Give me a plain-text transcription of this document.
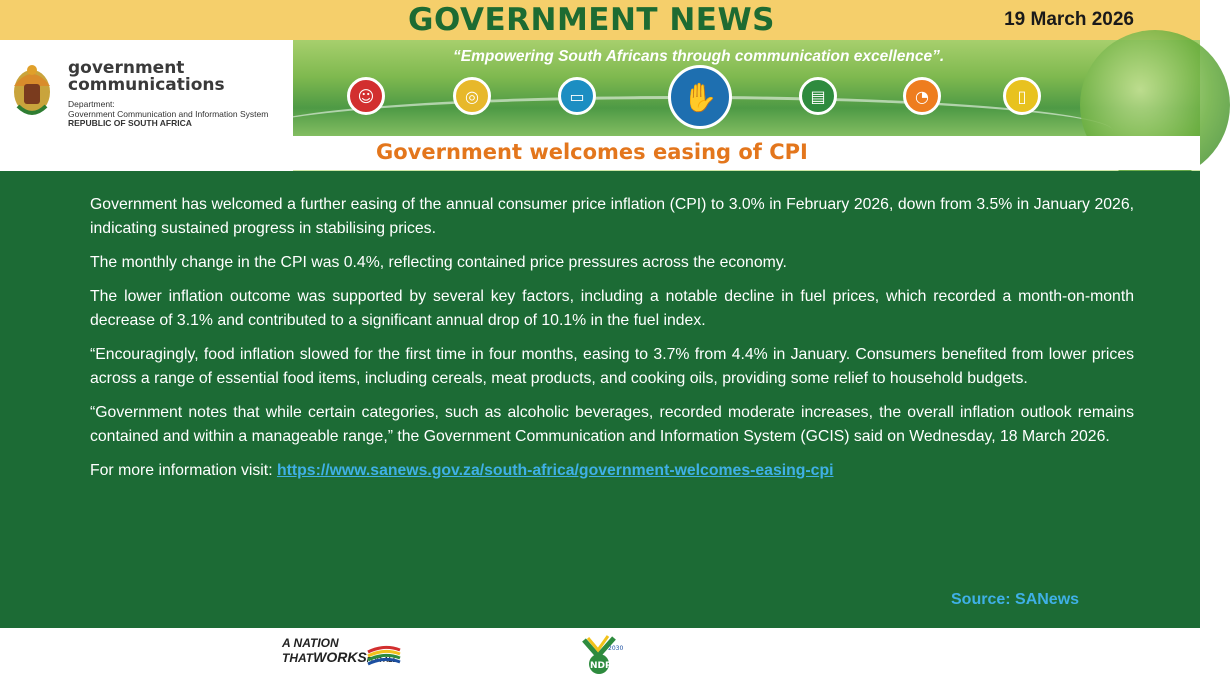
GOVERNMENT NEWS	19 March 2026
government
communications
Department:
Government Communication and Information System
REPUBLIC OF SOUTH AFRICA
“Empowering South Africans through communication excellence”.
☺	◎	▭	✋	▤	◔	▯
Government welcomes easing of CPI

Government has welcomed a further easing of the annual consumer price inflation (CPI) to 3.0% in February 2026, down from 3.5% in January 2026, indicating sustained progress in stabilising prices.

The monthly change in the CPI was 0.4%, reflecting contained price pressures across the economy.

The lower inflation outcome was supported by several key factors, including a notable decline in fuel prices, which recorded a month-on-month decrease of 3.1% and contributed to a significant annual drop of 10.1% in the fuel index.

“Encouragingly, food inflation slowed for the first time in four months, easing to 3.7% from 4.4% in January. Consumers benefited from lower prices across a range of essential food items, including cereals, meat products, and cooking oils, providing some relief to household budgets.

“Government notes that while certain categories, such as alcoholic beverages, recorded moderate increases, the overall inflation outlook remains contained and within a manageable range,” the Government Communication and Information System (GCIS) said on Wednesday, 18 March 2026.

For more information visit: https://www.sanews.gov.za/south-africa/government-welcomes-easing-cpi

Source: SANews
A NATION
THATWORKSFOR ALL
2030
NDP
